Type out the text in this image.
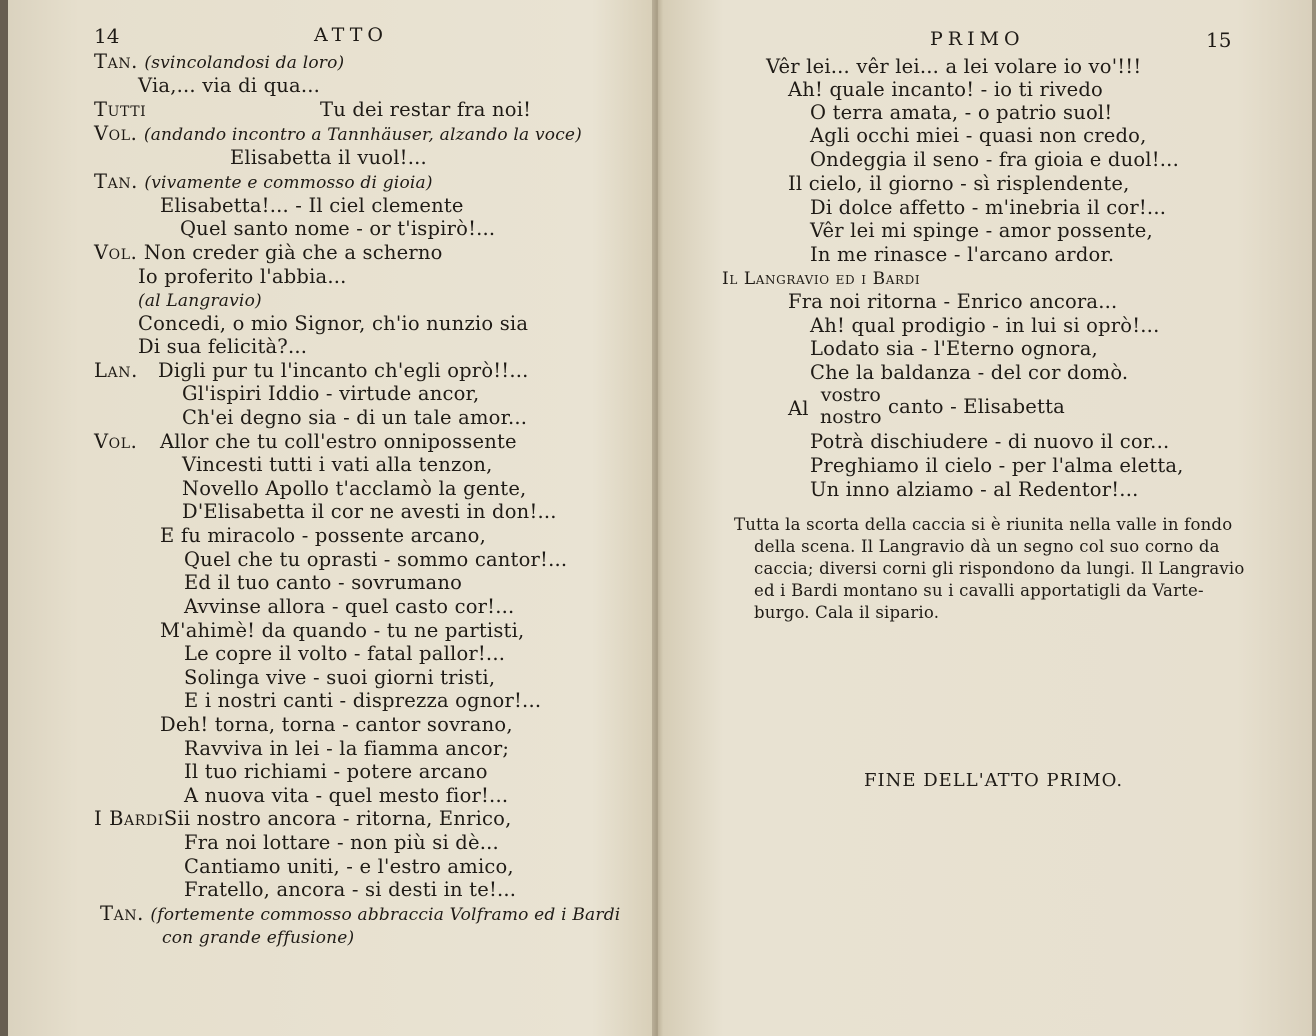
14	ATTO
Tan. (svincolandosi da loro)
Via,... via di qua...
Tutti	Tu dei restar fra noi!
Vol. (andando incontro a Tannhäuser, alzando la voce)
Elisabetta il vuol!...
Tan. (vivamente e commosso di gioia)
Elisabetta!... - Il ciel clemente
Quel santo nome - or t'ispirò!...
Vol. Non creder già che a scherno
Io proferito l'abbia...
(al Langravio)
Concedi, o mio Signor, ch'io nunzio sia
Di sua felicità?...
Lan. Digli pur tu l'incanto ch'egli oprò!!...
Gl'ispiri Iddio - virtude ancor,
Ch'ei degno sia - di un tale amor...
Vol. Allor che tu coll'estro onnipossente
Vincesti tutti i vati alla tenzon,
Novello Apollo t'acclamò la gente,
D'Elisabetta il cor ne avesti in don!...
E fu miracolo - possente arcano,
Quel che tu oprasti - sommo cantor!...
Ed il tuo canto - sovrumano
Avvinse allora - quel casto cor!...
M'ahimè! da quando - tu ne partisti,
Le copre il volto - fatal pallor!...
Solinga vive - suoi giorni tristi,
E i nostri canti - disprezza ognor!...
Deh! torna, torna - cantor sovrano,
Ravviva in lei - la fiamma ancor;
Il tuo richiami - potere arcano
A nuova vita - quel mesto fior!...
I BardiSii nostro ancora - ritorna, Enrico,
Fra noi lottare - non più si dè...
Cantiamo uniti, - e l'estro amico,
Fratello, ancora - si desti in te!...
Tan. (fortemente commosso abbraccia Volframo ed i Bardi
con grande effusione)
PRIMO	15
Vêr lei... vêr lei... a lei volare io vo'!!!
Ah! quale incanto! - io ti rivedo
O terra amata, - o patrio suol!
Agli occhi miei - quasi non credo,
Ondeggia il seno - fra gioia e duol!...
Il cielo, il giorno - sì risplendente,
Di dolce affetto - m'inebria il cor!...
Vêr lei mi spinge - amor possente,
In me rinasce - l'arcano ardor.
Il Langravio ed i Bardi
Fra noi ritorna - Enrico ancora...
Ah! qual prodigio - in lui si oprò!...
Lodato sia - l'Eterno ognora,
Che la baldanza - del cor domò.
Al
vostro
nostro canto - Elisabetta
Potrà dischiudere - di nuovo il cor...
Preghiamo il cielo - per l'alma eletta,
Un inno alziamo - al Redentor!...
Tutta la scorta della caccia si è riunita nella valle in fondo
della scena. Il Langravio dà un segno col suo corno da
caccia; diversi corni gli rispondono da lungi. Il Langravio
ed i Bardi montano su i cavalli apportatigli da Varte-
burgo. Cala il sipario.
FINE DELL'ATTO PRIMO.
